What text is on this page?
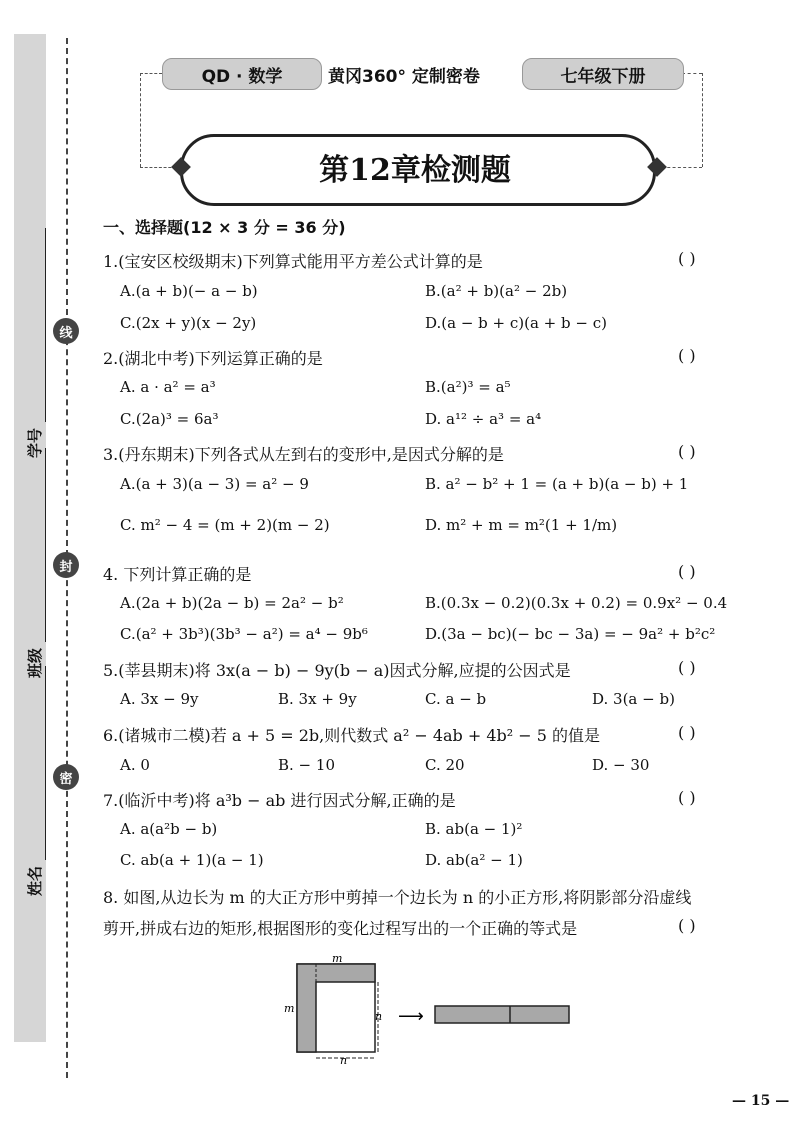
学号
班级
姓名
线
封
密
QD · 数学	黄冈360° 定制密卷	七年级下册
第12章检测题
一、选择题(12 × 3 分 = 36 分)
1.(宝安区校级期末)下列算式能用平方差公式计算的是	( )
A.(a + b)(− a − b)	B.(a² + b)(a² − 2b)
C.(2x + y)(x − 2y)	D.(a − b + c)(a + b − c)
2.(湖北中考)下列运算正确的是	( )
A. a · a² = a³	B.(a²)³ = a⁵
C.(2a)³ = 6a³	D. a¹² ÷ a³ = a⁴
3.(丹东期末)下列各式从左到右的变形中,是因式分解的是	( )
A.(a + 3)(a − 3) = a² − 9	B. a² − b² + 1 = (a + b)(a − b) + 1
C. m² − 4 = (m + 2)(m − 2)	D. m² + m = m²(1 + 1/m)
4. 下列计算正确的是	( )
A.(2a + b)(2a − b) = 2a² − b²	B.(0.3x − 0.2)(0.3x + 0.2) = 0.9x² − 0.4
C.(a² + 3b³)(3b³ − a²) = a⁴ − 9b⁶	D.(3a − bc)(− bc − 3a) = − 9a² + b²c²
5.(莘县期末)将 3x(a − b) − 9y(b − a)因式分解,应提的公因式是	( )
A. 3x − 9y	B. 3x + 9y	C. a − b	D. 3(a − b)
6.(诸城市二模)若 a + 5 = 2b,则代数式 a² − 4ab + 4b² − 5 的值是	( )
A. 0	B. − 10	C. 20	D. − 30
7.(临沂中考)将 a³b − ab 进行因式分解,正确的是	( )
A. a(a²b − b)	B. ab(a − 1)²
C. ab(a + 1)(a − 1)	D. ab(a² − 1)
8. 如图,从边长为 m 的大正方形中剪掉一个边长为 n 的小正方形,将阴影部分沿虚线
剪开,拼成右边的矩形,根据图形的变化过程写出的一个正确的等式是	( )
m
m
n
n
⟶
— 15 —
